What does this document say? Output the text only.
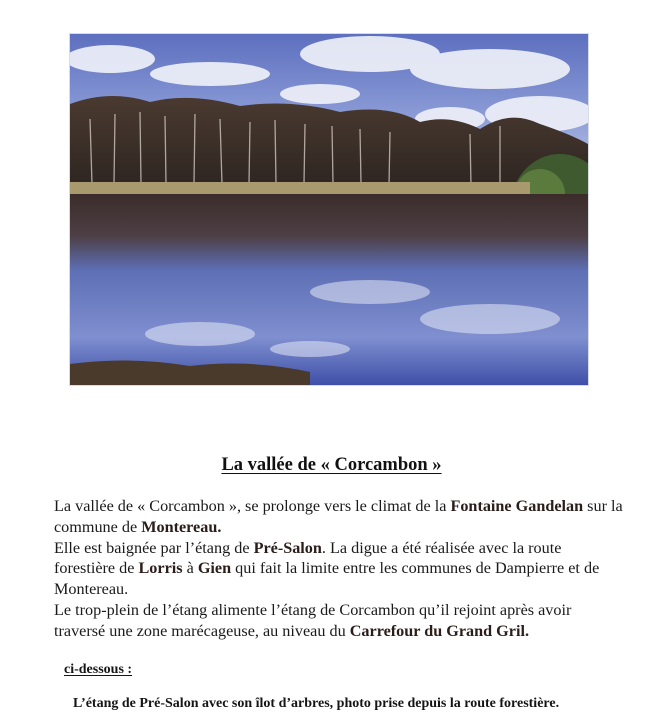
La vallée de « Corcambon »

La vallée de « Corcambon », se prolonge vers le climat de la Fontaine Gandelan sur la commune de Montereau.

Elle est baignée par l’étang de Pré-Salon. La digue a été réalisée avec la route forestière de Lorris à Gien qui fait la limite entre les communes de Dampierre et de Montereau.

Le trop-plein de l’étang alimente l’étang de Corcambon qu’il rejoint après avoir traversé une zone marécageuse, au niveau du Carrefour du Grand Gril.

ci-dessous :

L’étang de Pré-Salon avec son îlot d’arbres, photo prise depuis la route forestière.
